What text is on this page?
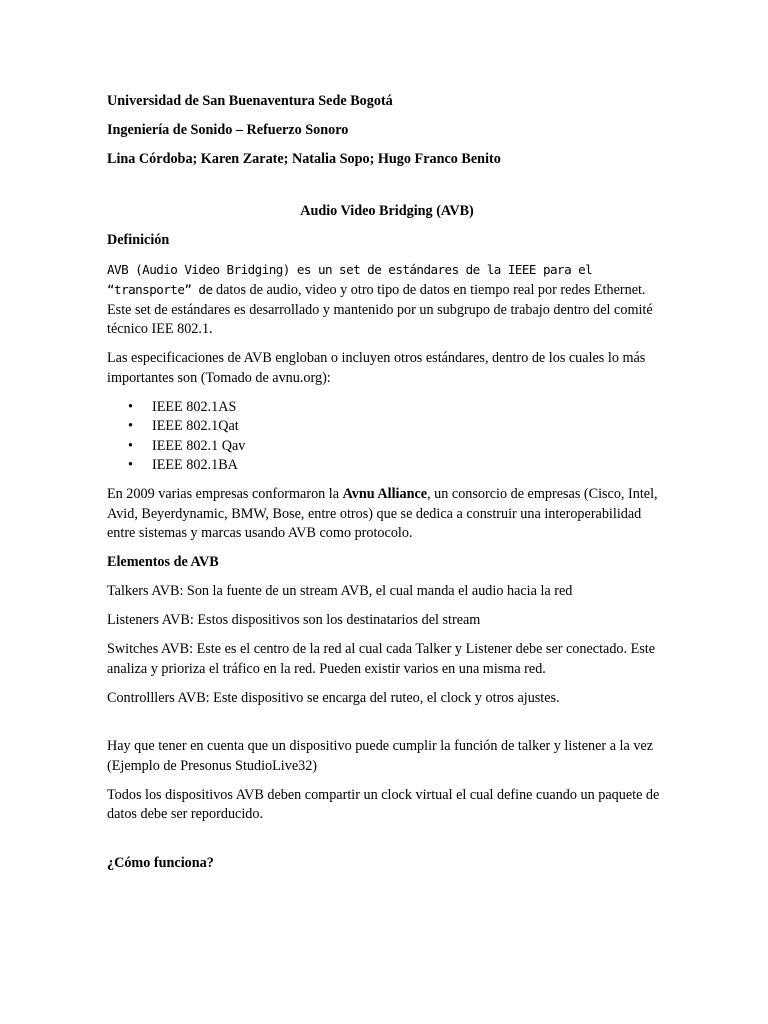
Universidad de San Buenaventura Sede Bogotá

Ingeniería de Sonido – Refuerzo Sonoro

Lina Córdoba; Karen Zarate; Natalia Sopo; Hugo Franco Benito

Audio Video Bridging (AVB)

Definición

AVB (Audio Video Bridging) es un set de estándares de la IEEE para el “transporte” de datos de audio, video y otro tipo de datos en tiempo real por redes Ethernet. Este set de estándares es desarrollado y mantenido por un subgrupo de trabajo dentro del comité técnico IEE 802.1.

Las especificaciones de AVB engloban o incluyen otros estándares, dentro de los cuales lo más importantes son (Tomado de avnu.org):

• IEEE 802.1AS
• IEEE 802.1Qat
• IEEE 802.1 Qav
• IEEE 802.1BA

En 2009 varias empresas conformaron la Avnu Alliance, un consorcio de empresas (Cisco, Intel, Avid, Beyerdynamic, BMW, Bose, entre otros) que se dedica a construir una interoperabilidad entre sistemas y marcas usando AVB como protocolo.

Elementos de AVB

Talkers AVB: Son la fuente de un stream AVB, el cual manda el audio hacia la red

Listeners AVB: Estos dispositivos son los destinatarios del stream

Switches AVB: Este es el centro de la red al cual cada Talker y Listener debe ser conectado. Este analiza y prioriza el tráfico en la red. Pueden existir varios en una misma red.

Controlllers AVB: Este dispositivo se encarga del ruteo, el clock y otros ajustes.

Hay que tener en cuenta que un dispositivo puede cumplir la función de talker y listener a la vez (Ejemplo de Presonus StudioLive32)

Todos los dispositivos AVB deben compartir un clock virtual el cual define cuando un paquete de datos debe ser reporducido.

¿Cómo funciona?
